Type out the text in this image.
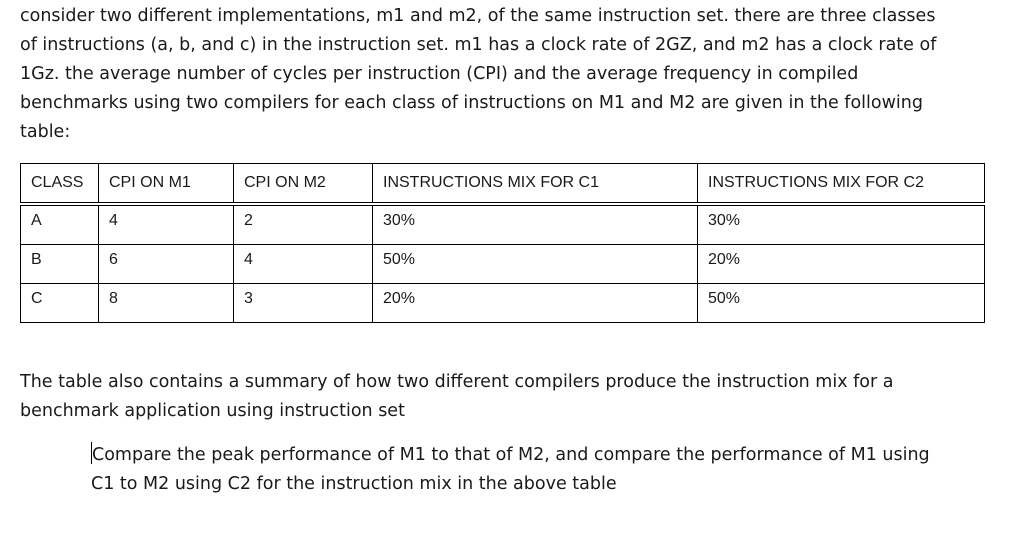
consider two different implementations, m1 and m2, of the same instruction set. there are three classes
of instructions (a, b, and c) in the instruction set. m1 has a clock rate of 2GZ, and m2 has a clock rate of
1Gz. the average number of cycles per instruction (CPI) and the average frequency in compiled
benchmarks using two compilers for each class of instructions on M1 and M2 are given in the following
table:
CLASS	CPI ON M1	CPI ON M2	INSTRUCTIONS MIX FOR C1	INSTRUCTIONS MIX FOR C2
A	4	2	30%	30%
B	6	4	50%	20%
C	8	3	20%	50%
The table also contains a summary of how two different compilers produce the instruction mix for a
benchmark application using instruction set
Compare the peak performance of M1 to that of M2, and compare the performance of M1 using
C1 to M2 using C2 for the instruction mix in the above table
